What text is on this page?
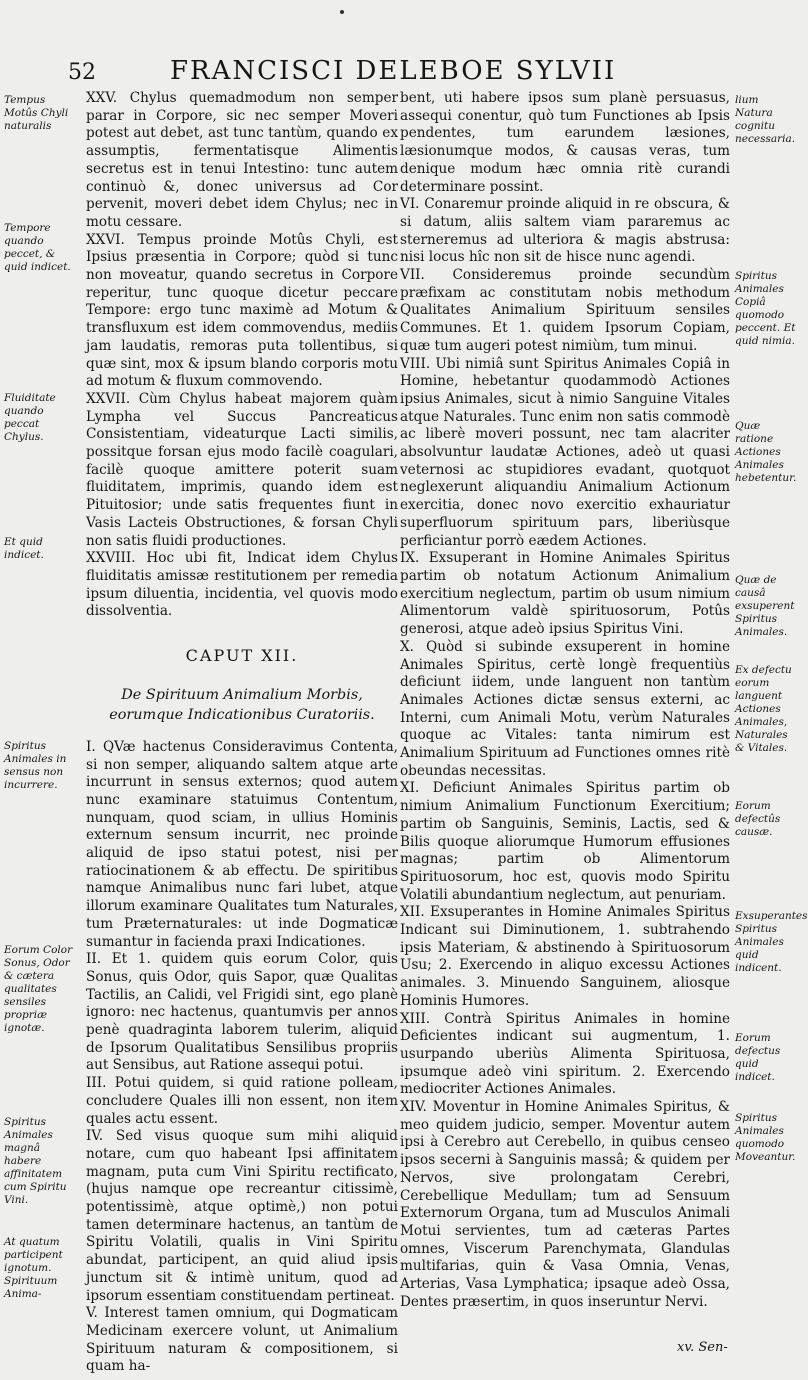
52	FRANCISCI DELEBOE SYLVII
Tempus Motûs Chyli naturalis
Tempore quando peccet, & quid indicet.
Fluiditate quando peccat Chylus.
Et quid indicet.
Spiritus Animales in sensus non incurrere.
Eorum Color Sonus, Odor & cætera qualitates sensiles propriæ ignotæ.
Spiritus Animales magnâ habere affinitatem cum Spiritu Vini.
At quatum participent ignotum. Spirituum Anima-

XXV. Chylus quemadmodum non semper parar in Corpore, sic nec semper Moveri potest aut debet, ast tunc tantùm, quando ex assumptis, fermentatisque Alimentis secretus est in tenui Intestino: tunc autem continuò &, donec universus ad Cor pervenit, moveri debet idem Chylus; nec in motu cessare.

XXVI. Tempus proinde Motûs Chyli, est Ipsius præsentia in Corpore; quòd si tunc non moveatur, quando secretus in Corpore reperitur, tunc quoque dicetur peccare Tempore: ergo tunc maximè ad Motum & transfluxum est idem commovendus, mediis jam laudatis, remoras puta tollentibus, si quæ sint, mox & ipsum blando corporis motu ad motum & fluxum commovendo.

XXVII. Cùm Chylus habeat majorem quàm Lympha vel Succus Pancreaticus Consistentiam, videaturque Lacti similis, possitque forsan ejus modo facilè coagulari, facilè quoque amittere poterit suam fluiditatem, imprimis, quando idem est Pituitosior; unde satis frequentes fiunt in Vasis Lacteis Obstructiones, & forsan Chyli non satis fluidi productiones.

XXVIII. Hoc ubi fit, Indicat idem Chylus fluiditatis amissæ restitutionem per remedia ipsum diluentia, incidentia, vel quovis modo dissolventia.

CAPUT XII.
De Spirituum Animalium Morbis, eorumque Indicationibus Curatoriis.

I. QVæ hactenus Consideravimus Contenta, si non semper, aliquando saltem atque arte incurrunt in sensus externos; quod autem nunc examinare statuimus Contentum, nunquam, quod sciam, in ullius Hominis externum sensum incurrit, nec proinde aliquid de ipso statui potest, nisi per ratiocinationem & ab effectu. De spiritibus namque Animalibus nunc fari lubet, atque illorum examinare Qualitates tum Naturales, tum Præternaturales: ut inde Dogmaticæ sumantur in facienda praxi Indicationes.

II. Et 1. quidem quis eorum Color, quis Sonus, quis Odor, quis Sapor, quæ Qualitas Tactilis, an Calidi, vel Frigidi sint, ego planè ignoro: nec hactenus, quantumvis per annos penè quadraginta laborem tulerim, aliquid de Ipsorum Qualitatibus Sensilibus propriis aut Sensibus, aut Ratione assequi potui.

III. Potui quidem, si quid ratione polleam, concludere Quales illi non essent, non item quales actu essent.

IV. Sed visus quoque sum mihi aliquid notare, cum quo habeant Ipsi affinitatem magnam, puta cum Vini Spiritu rectificato, (hujus namque ope recreantur citissimè, potentissimè, atque optimè,) non potui tamen determinare hactenus, an tantùm de Spiritu Volatili, qualis in Vini Spiritu abundat, participent, an quid aliud ipsis junctum sit & intimè unitum, quod ad ipsorum essentiam constituendam pertineat.

V. Interest tamen omnium, qui Dogmaticam Medicinam exercere volunt, ut Animalium Spirituum naturam & compositionem, si quam ha-

bent, uti habere ipsos sum planè persuasus, assequi conentur, quò tum Functiones ab Ipsis pendentes, tum earundem læsiones, læsionumque modos, & causas veras, tum denique modum hæc omnia ritè curandi determinare possint.

VI. Conaremur proinde aliquid in re obscura, & si datum, aliis saltem viam pararemus ac sterneremus ad ulteriora & magis abstrusa: nisi locus hîc non sit de hisce nunc agendi.

VII. Consideremus proinde secundùm præfixam ac constitutam nobis methodum Qualitates Animalium Spirituum sensiles Communes. Et 1. quidem Ipsorum Copiam, quæ tum augeri potest nimiùm, tum minui.

VIII. Ubi nimiâ sunt Spiritus Animales Copiâ in Homine, hebetantur quodammodò Actiones ipsius Animales, sicut à nimio Sanguine Vitales atque Naturales. Tunc enim non satis commodè ac liberè moveri possunt, nec tam alacriter absolvuntur laudatæ Actiones, adeò ut quasi veternosi ac stupidiores evadant, quotquot neglexerunt aliquandiu Animalium Actionum exercitia, donec novo exercitio exhauriatur superfluorum spirituum pars, liberiùsque perficiantur porrò eædem Actiones.

IX. Exsuperant in Homine Animales Spiritus partim ob notatum Actionum Animalium exercitium neglectum, partim ob usum nimium Alimentorum valdè spirituosorum, Potûs generosi, atque adeò ipsius Spiritus Vini.

X. Quòd si subinde exsuperent in homine Animales Spiritus, certè longè frequentiùs deficiunt iidem, unde languent non tantùm Animales Actiones dictæ sensus externi, ac Interni, cum Animali Motu, verùm Naturales quoque ac Vitales: tanta nimirum est Animalium Spirituum ad Functiones omnes ritè obeundas necessitas.

XI. Deficiunt Animales Spiritus partim ob nimium Animalium Functionum Exercitium; partim ob Sanguinis, Seminis, Lactis, sed & Bilis quoque aliorumque Humorum effusiones magnas; partim ob Alimentorum Spirituosorum, hoc est, quovis modo Spiritu Volatili abundantium neglectum, aut penuriam.

XII. Exsuperantes in Homine Animales Spiritus Indicant sui Diminutionem, 1. subtrahendo ipsis Materiam, & abstinendo à Spirituosorum Usu; 2. Exercendo in aliquo excessu Actiones animales. 3. Minuendo Sanguinem, aliosque Hominis Humores.

XIII. Contrà Spiritus Animales in homine Deficientes indicant sui augmentum, 1. usurpando uberiùs Alimenta Spirituosa, ipsumque adeò vini spiritum. 2. Exercendo mediocriter Actiones Animales.

XIV. Moventur in Homine Animales Spiritus, & meo quidem judicio, semper. Moventur autem ipsi à Cerebro aut Cerebello, in quibus censeo ipsos secerni à Sanguinis massâ; & quidem per Nervos, sive prolongatam Cerebri, Cerebellique Medullam; tum ad Sensuum Externorum Organa, tum ad Musculos Animali Motui servientes, tum ad cæteras Partes omnes, Viscerum Parenchymata, Glandulas multifarias, quin & Vasa Omnia, Venas, Arterias, Vasa Lymphatica; ipsaque adeò Ossa, Dentes præsertim, in quos inseruntur Nervi.

lium Natura cognitu necessaria.
Spiritus Animales Copiâ quomodo peccent. Et quid nimia.
Quæ ratione Actiones Animales hebetentur.
Quæ de causâ exsuperent Spiritus Animales.
Ex defectu eorum languent Actiones Animales, Naturales & Vitales.
Eorum defectûs causæ.
Exsuperantes Spiritus Animales quid indicent.
Eorum defectus quid indicet.
Spiritus Animales quomodo Moveantur.
xv. Sen-
